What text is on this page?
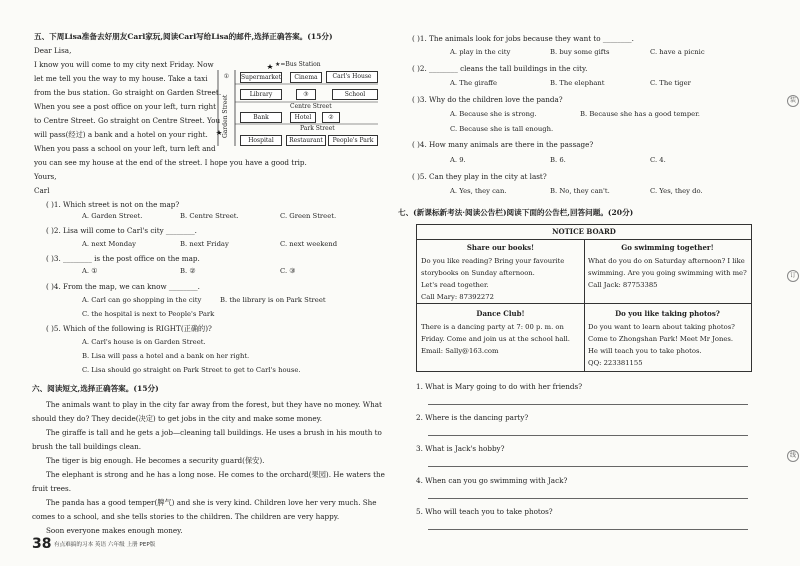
五、下周Lisa准备去好朋友Carl家玩,阅读Carl写给Lisa的邮件,选择正确答案。(15分)
Dear Lisa,
I know you will come to my city next Friday. Now
let me tell you the way to my house. Take a taxi
from the bus station. Go straight on Garden Street.
When you see a post office on your left, turn right
to Centre Street. Go straight on Centre Street. You
will pass(经过) a bank and a hotel on your right.
When you pass a school on your left, turn left and
you can see my house at the end of the street. I hope you have a good trip.
Yours,
Carl
★=Bus Station
Supermarket	Cinema	Carl's House
Library	③	School
Centre Street
Bank	Hotel	②
Park Street
Hospital	Restaurant	People's Park
①
Garden Street
( )1. Which street is not on the map?
A. Garden Street.	B. Centre Street.	C. Green Street.
( )2. Lisa will come to Carl's city ________.
A. next Monday	B. next Friday	C. next weekend
( )3. ________ is the post office on the map.
A. ①	B. ②	C. ③
( )4. From the map, we can know ________.
A. Carl can go shopping in the city	B. the library is on Park Street
C. the hospital is next to People's Park
( )5. Which of the following is RIGHT(正确的)?
A. Carl's house is on Garden Street.
B. Lisa will pass a hotel and a bank on her right.
C. Lisa should go straight on Park Street to get to Carl's house.
六、阅读短文,选择正确答案。(15分)
The animals want to play in the city far away from the forest, but they have no money. What
should they do? They decide(决定) to get jobs in the city and make some money.
The giraffe is tall and he gets a job—cleaning tall buildings. He uses a brush in his mouth to
brush the tall buildings clean.
The tiger is big enough. He becomes a security guard(保安).
The elephant is strong and he has a long nose. He comes to the orchard(果园). He waters the
fruit trees.
The panda has a good temper(脾气) and she is very kind. Children love her very much. She
comes to a school, and she tells stories to the children. The children are very happy.
Soon everyone makes enough money.
38 有点难搞的习本 英语 六年级 上册 PEP版
( )1. The animals look for jobs because they want to ________.
A. play in the city	B. buy some gifts	C. have a picnic
( )2. ________ cleans the tall buildings in the city.
A. The giraffe	B. The elephant	C. The tiger
( )3. Why do the children love the panda?
A. Because she is strong.	B. Because she has a good temper.
C. Because she is tall enough.
( )4. How many animals are there in the passage?
A. 9.	B. 6.	C. 4.
( )5. Can they play in the city at last?
A. Yes, they can.	B. No, they can't.	C. Yes, they do.
七、(新课标新考法·阅读公告栏)阅读下面的公告栏,回答问题。(20分)
NOTICE BOARD
Share our books!
Do you like reading? Bring your favourite
storybooks on Sunday afternoon.
Let's read together.
Call Mary: 87392272
Go swimming together!
What do you do on Saturday afternoon? I like
swimming. Are you going swimming with me?
Call Jack: 87753385
Dance Club!
There is a dancing party at 7: 00 p. m. on
Friday. Come and join us at the school hall.
Email: Sally@163.com
Do you like taking photos?
Do you want to learn about taking photos?
Come to Zhongshan Park! Meet Mr Jones.
He will teach you to take photos.
QQ: 223381155
1. What is Mary going to do with her friends?
2. Where is the dancing party?
3. What is Jack's hobby?
4. When can you go swimming with Jack?
5. Who will teach you to take photos?
装
订
线
